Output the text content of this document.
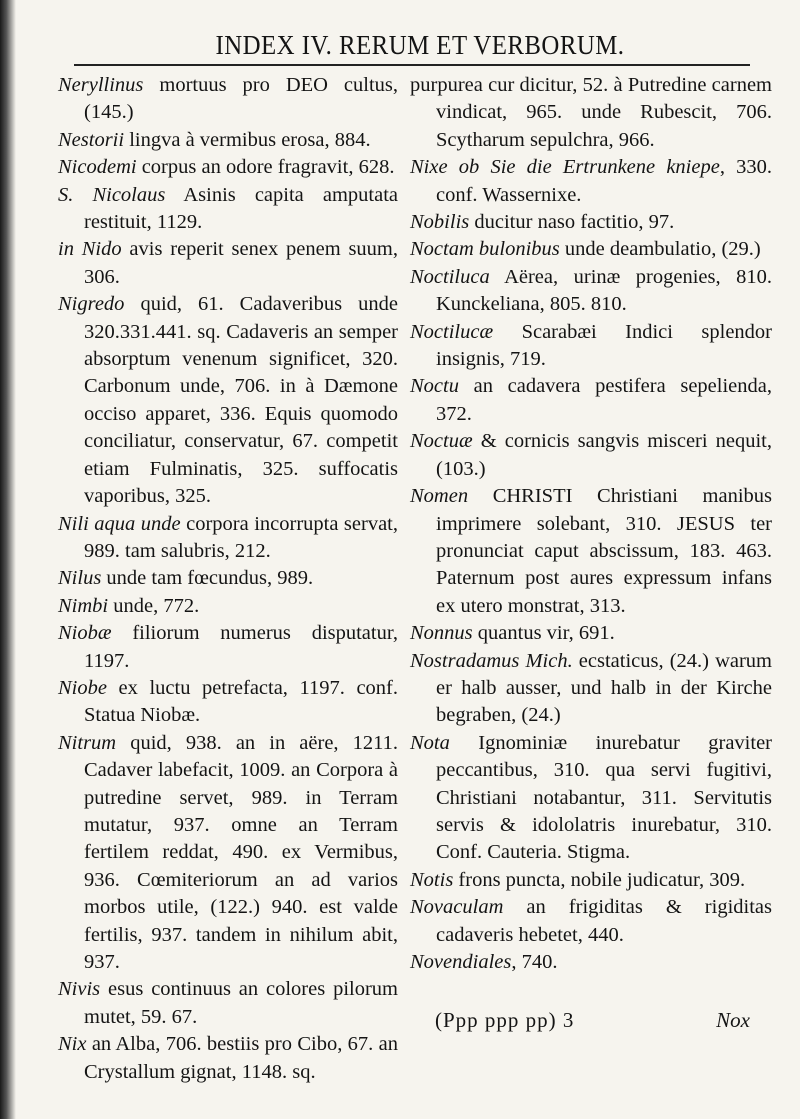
INDEX IV. RERUM ET VERBORUM.

Neryllinus mortuus pro DEO cultus, (145.)

Nestorii lingva à vermibus erosa, 884.

Nicodemi corpus an odore fragravit, 628.

S. Nicolaus Asinis capita amputata restituit, 1129.

in Nido avis reperit senex penem suum, 306.

Nigredo quid, 61. Cadaveribus unde 320.331.441. sq. Cadaveris an semper absorptum venenum significet, 320. Carbonum unde, 706. in à Dæmone occiso apparet, 336. Equis quomodo conciliatur, conservatur, 67. competit etiam Fulminatis, 325. suffocatis vaporibus, 325.

Nili aqua unde corpora incorrupta servat, 989. tam salubris, 212.

Nilus unde tam fœcundus, 989.

Nimbi unde, 772.

Niobæ filiorum numerus disputatur, 1197.

Niobe ex luctu petrefacta, 1197. conf. Statua Niobæ.

Nitrum quid, 938. an in aëre, 1211. Cadaver labefacit, 1009. an Corpora à putredine servet, 989. in Terram mutatur, 937. omne an Terram fertilem reddat, 490. ex Vermibus, 936. Cœmiteriorum an ad varios morbos utile, (122.) 940. est valde fertilis, 937. tandem in nihilum abit, 937.

Nivis esus continuus an colores pilorum mutet, 59. 67.

Nix an Alba, 706. bestiis pro Cibo, 67. an Crystallum gignat, 1148. sq.

purpurea cur dicitur, 52. à Putredine carnem vindicat, 965. unde Rubescit, 706. Scytharum sepulchra, 966.

Nixe ob Sie die Ertrunkene kniepe, 330. conf. Wassernixe.

Nobilis ducitur naso factitio, 97.

Noctam bulonibus unde deambulatio, (29.)

Noctiluca Aërea, urinæ progenies, 810. Kunckeliana, 805. 810.

Noctilucæ Scarabæi Indici splendor insignis, 719.

Noctu an cadavera pestifera sepelienda, 372.

Noctuæ & cornicis sangvis misceri nequit, (103.)

Nomen CHRISTI Christiani manibus imprimere solebant, 310. JESUS ter pronunciat caput abscissum, 183. 463. Paternum post aures expressum infans ex utero monstrat, 313.

Nonnus quantus vir, 691.

Nostradamus Mich. ecstaticus, (24.) warum er halb ausser, und halb in der Kirche begraben, (24.)

Nota Ignominiæ inurebatur graviter peccantibus, 310. qua servi fugitivi, Christiani notabantur, 311. Servitutis servis & idololatris inurebatur, 310. Conf. Cauteria. Stigma.

Notis frons puncta, nobile judicatur, 309.

Novaculam an frigiditas & rigiditas cadaveris hebetet, 440.

Novendiales, 740.

(Ppp ppp pp) 3	Nox
